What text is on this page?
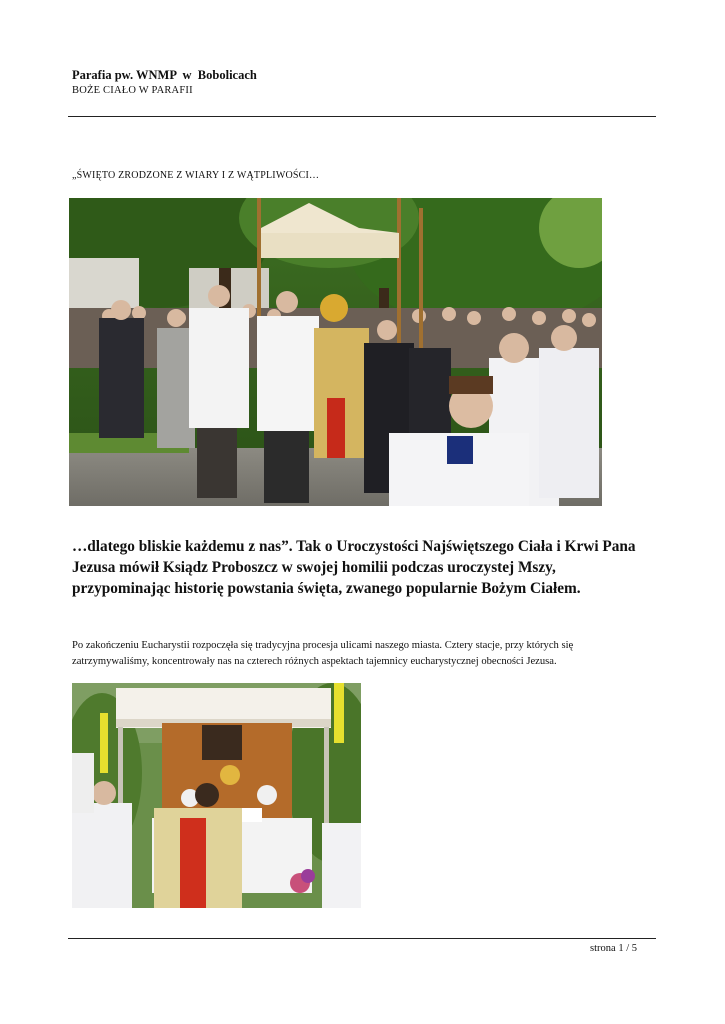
Parafia pw. WNMP  w  Bobolicach
BOŻE CIAŁO W PARAFII
„ŚWIĘTO ZRODZONE Z WIARY I Z WĄTPLIWOŚCI…
…dlatego bliskie każdemu z nas”. Tak o Uroczystości Najświętszego Ciała i Krwi Pana
Jezusa mówił Ksiądz Proboszcz w swojej homilii podczas uroczystej Mszy,
przypominając historię powstania święta, zwanego popularnie Bożym Ciałem.
Po zakończeniu Eucharystii rozpoczęła się tradycyjna procesja ulicami naszego miasta. Cztery stacje, przy których się
zatrzymywaliśmy, koncentrowały nas na czterech różnych aspektach tajemnicy eucharystycznej obecności Jezusa.
strona 1 / 5
